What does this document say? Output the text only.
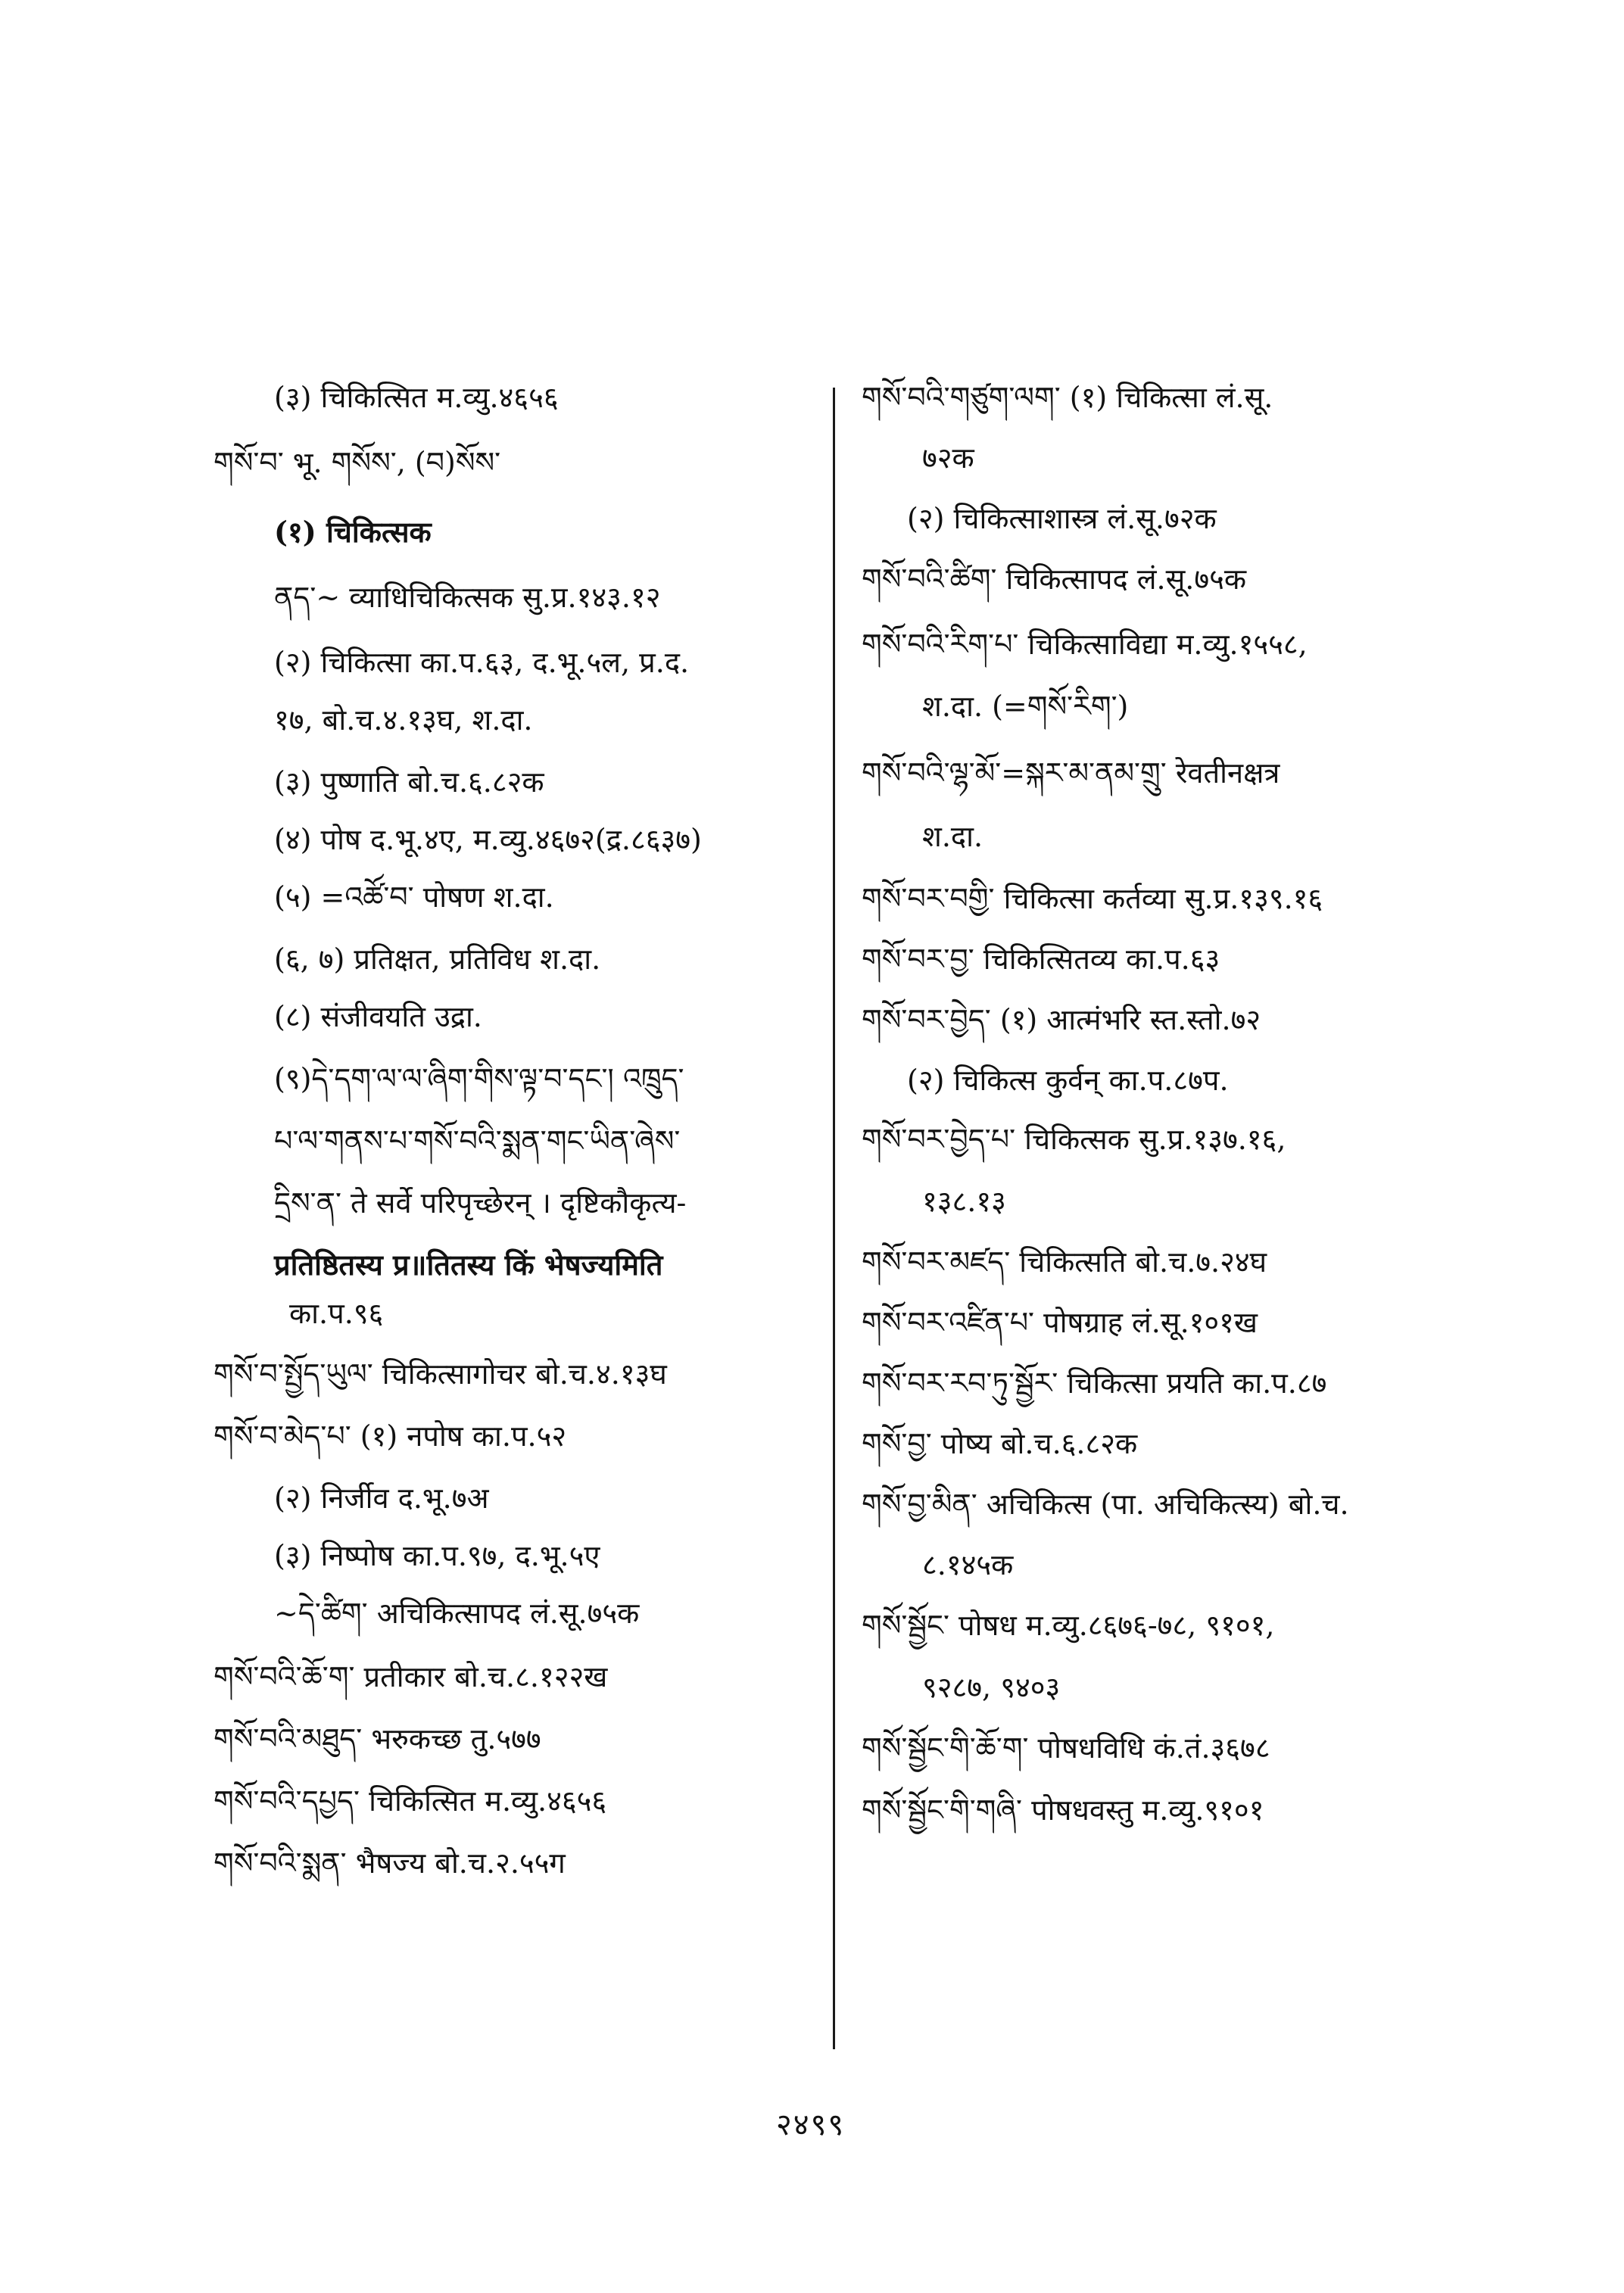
(३) चिकित्सित म.व्यु.४६५६
གསོ་བ་ भू. གསོས་, (བ)སོས་
(१) चिकित्सक
ནད་~ व्याधिचिकित्सक सु.प्र.१४३.१२
(२) चिकित्सा का.प.६३, द.भू.५ल, प्र.द.
१७, बो.च.४.१३घ, श.दा.
(३) पुष्णाति बो.च.६.८२क
(४) पोष द.भू.४ए, म.व्यु.४६७२(द्र.८६३७)
(५) =འཚོ་བ་ पोषण श.दा.
(६, ७) प्रतिक्षत, प्रतिविध श.दा.
(८) संजीवयति उद्रा.
(९)དེ་དག་ལ་ལ་ཞིག་གིས་ལྟ་བ་དང་། འཁྲུད་
པ་ལ་གནས་པ་གསོ་བའི་སྨན་གང་ཡིན་ཞེས་
དྲིས་ན་ ते सर्वे परिपृच्छेरन् । दृष्टिकौकृत्य-
प्रतिष्ठितस्य प्र॥तितस्य किं भेषज्यमिति
का.प.९६
གསོ་བ་སྤྱོད་ཡུལ་ चिकित्सागोचर बो.च.४.१३घ
གསོ་བ་མེད་པ་ (१) नपोष का.प.५२
(२) निर्जीव द.भू.७अ
(३) निष्पोष का.प.९७, द.भू.५ए
~དེ་ཚིག་ अचिकित्सापद लं.सू.७५क
གསོ་བའི་ཆོ་ག་ प्रतीकार बो.च.८.१२२ख
གསོ་བའི་མཐུད་ भरुकच्छ तु.५७७
གསོ་བའི་དཔྱད་ चिकित्सित म.व्यु.४६५६
གསོ་བའི་སྨན་ भैषज्य बो.च.२.५५ग
གསོ་བའི་གཙུག་ལག་ (१) चिकित्सा लं.सू.
७२क
(२) चिकित्साशास्त्र लं.सू.७२क
གསོ་བའི་ཚིག་ चिकित्सापद लं.सू.७५क
གསོ་བའི་རིག་པ་ चिकित्साविद्या म.व्यु.१५५८,
श.दा. (=གསོ་རིག་)
གསོ་བའི་ལྷ་མོ་=སྐར་མ་ནམ་གྲུ་ रेवतीनक्षत्र
श.दा.
གསོ་བར་བགྱི་ चिकित्सा कर्तव्या सु.प्र.१३९.१६
གསོ་བར་བྱ་ चिकित्सितव्य का.प.६३
གསོ་བར་བྱེད་ (१) आत्मंभरि स्त.स्तो.७२
(२) चिकित्स कुर्वन् का.प.८७प.
གསོ་བར་བྱེད་པ་ चिकित्सक सु.प्र.१३७.१६,
१३८.१३
གསོ་བར་མཛད་ चिकित्सति बो.च.७.२४घ
གསོ་བར་འཛིན་པ་ पोषग्राह लं.सू.१०१ख
གསོ་བར་རབ་ཏུ་སྦྱོར་ चिकित्सा प्रयति का.प.८७
གསོ་བྱ་ पोष्य बो.च.६.८२क
གསོ་བྱ་མིན་ अचिकित्स (पा. अचिकित्स्य) बो.च.
८.१४५क
གསོ་སྦྱོང་ पोषध म.व्यु.८६७६-७८, ९१०१,
९२८७, ९४०३
གསོ་སྦྱོང་གི་ཆོ་ག་ पोषधविधि कं.तं.३६७८
གསོ་སྦྱོང་གི་གཞི་ पोषधवस्तु म.व्यु.९१०१
२४९९
